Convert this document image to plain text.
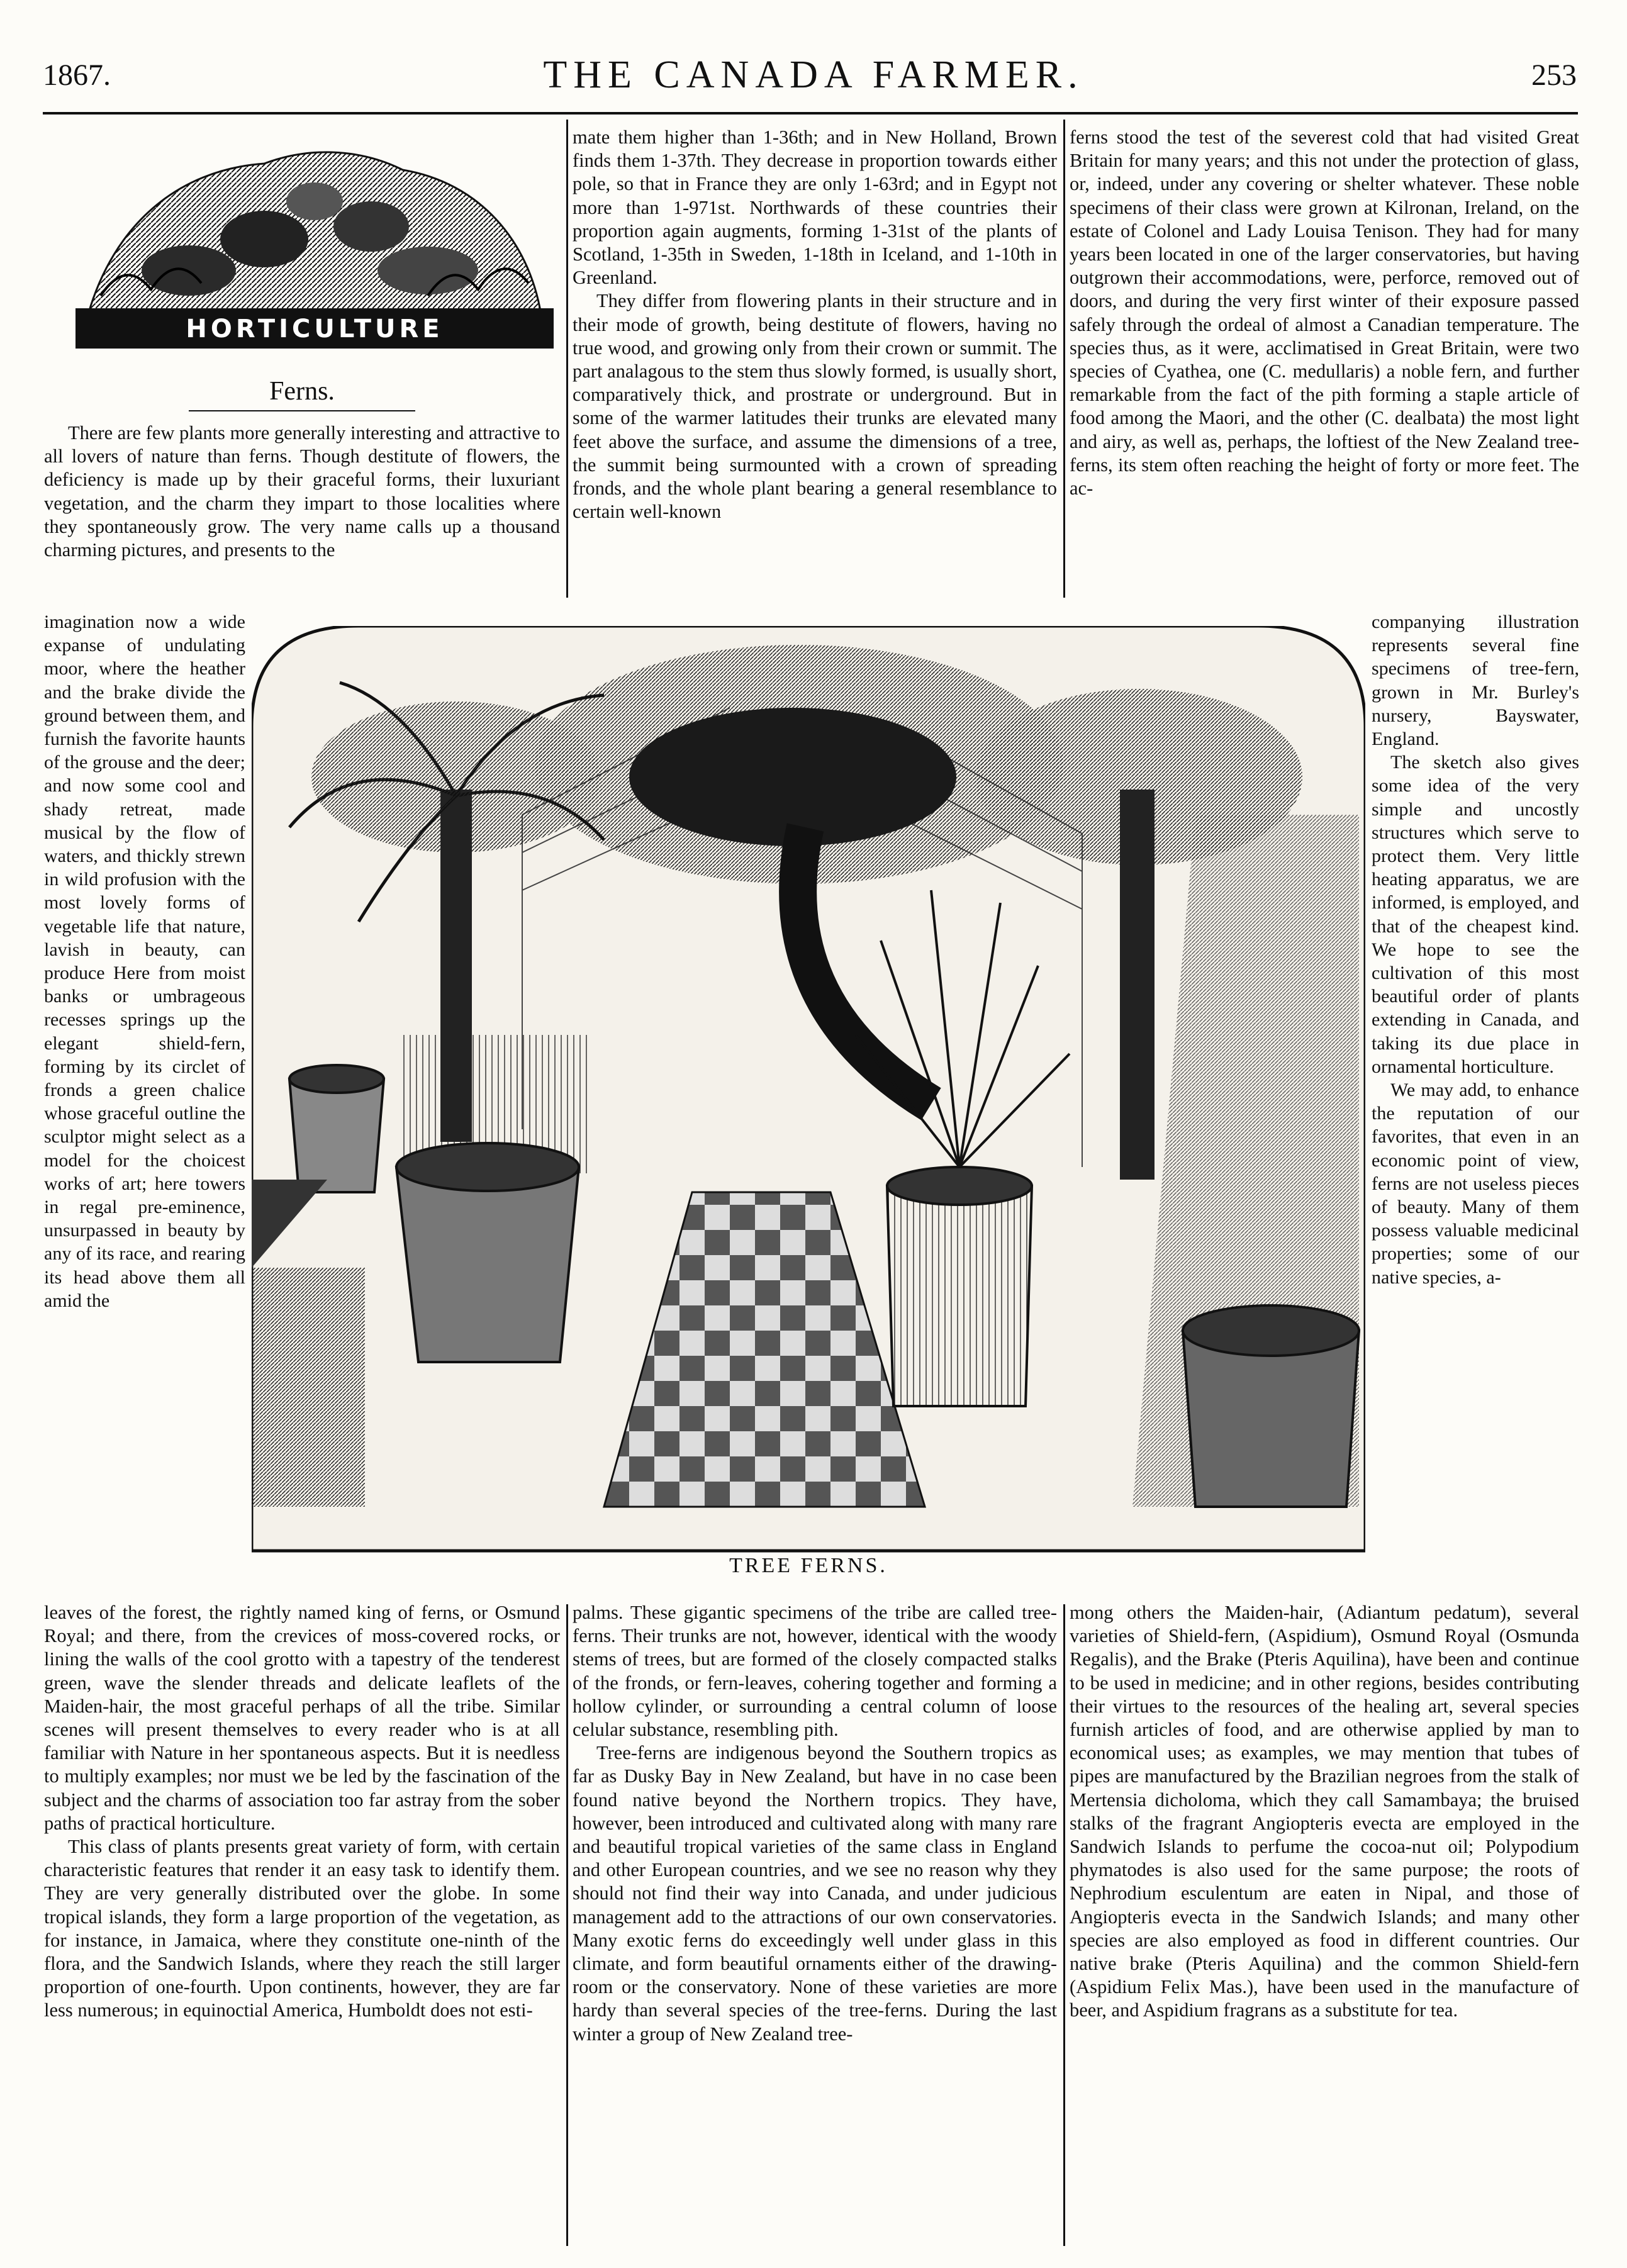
1867.	THE CANADA FARMER.	253
HORTICULTURE
Ferns.

There are few plants more generally interesting and attractive to all lovers of nature than ferns. Though destitute of flowers, the deficiency is made up by their graceful forms, their luxuriant vegetation, and the charm they impart to those localities where they spontaneously grow. The very name calls up a thousand charming pictures, and presents to the

imagination now a wide expanse of undulating moor, where the heather and the brake divide the ground between them, and furnish the favorite haunts of the grouse and the deer; and now some cool and shady retreat, made musical by the flow of waters, and thickly strewn in wild profusion with the most lovely forms of vegetable life that nature, lavish in beauty, can produce Here from moist banks or umbrageous recesses springs up the elegant shield-fern, forming by its circlet of fronds a green chalice whose graceful outline the sculptor might select as a model for the choicest works of art; here towers in regal pre-eminence, unsurpassed in beauty by any of its race, and rearing its head above them all amid the

mate them higher than 1-36th; and in New Holland, Brown finds them 1-37th. They decrease in proportion towards either pole, so that in France they are only 1-63rd; and in Egypt not more than 1-971st. Northwards of these countries their proportion again augments, forming 1-31st of the plants of Scotland, 1-35th in Sweden, 1-18th in Iceland, and 1-10th in Greenland.

They differ from flowering plants in their structure and in their mode of growth, being destitute of flowers, having no true wood, and growing only from their crown or summit. The part analagous to the stem thus slowly formed, is usually short, comparatively thick, and prostrate or underground. But in some of the warmer latitudes their trunks are elevated many feet above the surface, and assume the dimensions of a tree, the summit being surmounted with a crown of spreading fronds, and the whole plant bearing a general resemblance to certain well-known

ferns stood the test of the severest cold that had visited Great Britain for many years; and this not under the protection of glass, or, indeed, under any covering or shelter whatever. These noble specimens of their class were grown at Kilronan, Ireland, on the estate of Colonel and Lady Louisa Tenison. They had for many years been located in one of the larger conservatories, but having outgrown their accommodations, were, perforce, removed out of doors, and during the very first winter of their exposure passed safely through the ordeal of almost a Canadian temperature. The species thus, as it were, acclimatised in Great Britain, were two species of Cyathea, one (C. medullaris) a noble fern, and further remarkable from the fact of the pith forming a staple article of food among the Maori, and the other (C. dealbata) the most light and airy, as well as, perhaps, the loftiest of the New Zealand tree-ferns, its stem often reaching the height of forty or more feet. The ac-

companying illustration represents several fine specimens of tree-fern, grown in Mr. Burley's nursery, Bayswater, England.

The sketch also gives some idea of the very simple and uncostly structures which serve to protect them. Very little heating apparatus, we are informed, is employed, and that of the cheapest kind. We hope to see the cultivation of this most beautiful order of plants extending in Canada, and taking its due place in ornamental horticulture.

We may add, to enhance the reputation of our favorites, that even in an economic point of view, ferns are not useless pieces of beauty. Many of them possess valuable medicinal properties; some of our native species, a-

TREE FERNS.

leaves of the forest, the rightly named king of ferns, or Osmund Royal; and there, from the crevices of moss-covered rocks, or lining the walls of the cool grotto with a tapestry of the tenderest green, wave the slender threads and delicate leaflets of the Maiden-hair, the most graceful perhaps of all the tribe. Similar scenes will present themselves to every reader who is at all familiar with Nature in her spontaneous aspects. But it is needless to multiply examples; nor must we be led by the fascination of the subject and the charms of association too far astray from the sober paths of practical horticulture.

This class of plants presents great variety of form, with certain characteristic features that render it an easy task to identify them. They are very generally distributed over the globe. In some tropical islands, they form a large proportion of the vegetation, as for instance, in Jamaica, where they constitute one-ninth of the flora, and the Sandwich Islands, where they reach the still larger proportion of one-fourth. Upon continents, however, they are far less numerous; in equinoctial America, Humboldt does not esti-

palms. These gigantic specimens of the tribe are called tree-ferns. Their trunks are not, however, identical with the woody stems of trees, but are formed of the closely compacted stalks of the fronds, or fern-leaves, cohering together and forming a hollow cylinder, or surrounding a central column of loose celular substance, resembling pith.

Tree-ferns are indigenous beyond the Southern tropics as far as Dusky Bay in New Zealand, but have in no case been found native beyond the Northern tropics. They have, however, been introduced and cultivated along with many rare and beautiful tropical varieties of the same class in England and other European countries, and we see no reason why they should not find their way into Canada, and under judicious management add to the attractions of our own conservatories. Many exotic ferns do exceedingly well under glass in this climate, and form beautiful ornaments either of the drawing-room or the conservatory. None of these varieties are more hardy than several species of the tree-ferns. During the last winter a group of New Zealand tree-

mong others the Maiden-hair, (Adiantum pedatum), several varieties of Shield-fern, (Aspidium), Osmund Royal (Osmunda Regalis), and the Brake (Pteris Aquilina), have been and continue to be used in medicine; and in other regions, besides contributing their virtues to the resources of the healing art, several species furnish articles of food, and are otherwise applied by man to economical uses; as examples, we may mention that tubes of pipes are manufactured by the Brazilian negroes from the stalk of Mertensia dicholoma, which they call Samambaya; the bruised stalks of the fragrant Angiopteris evecta are employed in the Sandwich Islands to perfume the cocoa-nut oil; Polypodium phymatodes is also used for the same purpose; the roots of Nephrodium esculentum are eaten in Nipal, and those of Angiopteris evecta in the Sandwich Islands; and many other species are also employed as food in different countries. Our native brake (Pteris Aquilina) and the common Shield-fern (Aspidium Felix Mas.), have been used in the manufacture of beer, and Aspidium fragrans as a substitute for tea.
